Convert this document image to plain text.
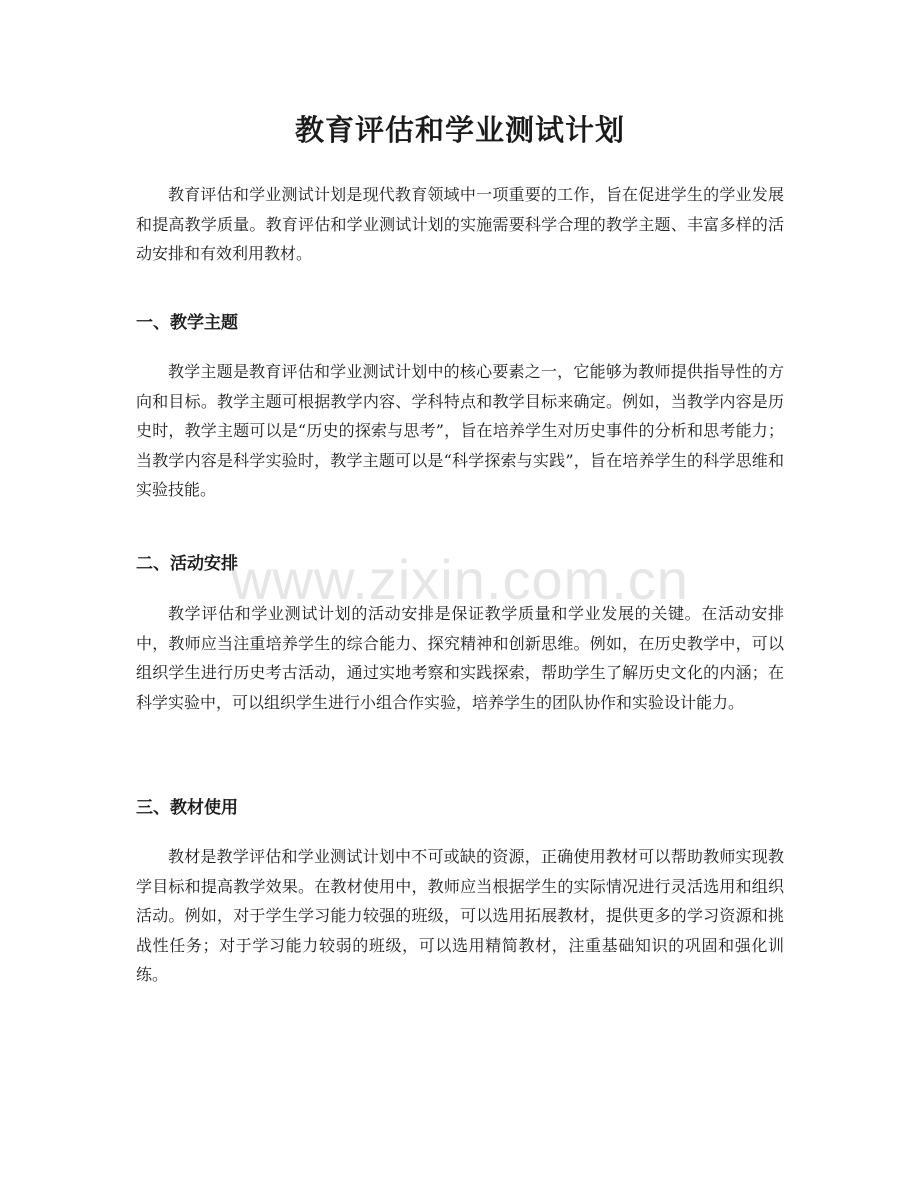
教育评估和学业测试计划

教育评估和学业测试计划是现代教育领域中一项重要的工作，旨在促进学生的学业发展和提高教学质量。教育评估和学业测试计划的实施需要科学合理的教学主题、丰富多样的活动安排和有效利用教材。

一、教学主题

教学主题是教育评估和学业测试计划中的核心要素之一，它能够为教师提供指导性的方向和目标。教学主题可根据教学内容、学科特点和教学目标来确定。例如，当教学内容是历史时，教学主题可以是“历史的探索与思考”，旨在培养学生对历史事件的分析和思考能力；当教学内容是科学实验时，教学主题可以是“科学探索与实践”，旨在培养学生的科学思维和实验技能。

二、活动安排

教学评估和学业测试计划的活动安排是保证教学质量和学业发展的关键。在活动安排中，教师应当注重培养学生的综合能力、探究精神和创新思维。例如，在历史教学中，可以组织学生进行历史考古活动，通过实地考察和实践探索，帮助学生了解历史文化的内涵；在科学实验中，可以组织学生进行小组合作实验，培养学生的团队协作和实验设计能力。

三、教材使用

教材是教学评估和学业测试计划中不可或缺的资源，正确使用教材可以帮助教师实现教学目标和提高教学效果。在教材使用中，教师应当根据学生的实际情况进行灵活选用和组织活动。例如，对于学生学习能力较强的班级，可以选用拓展教材，提供更多的学习资源和挑战性任务；对于学习能力较弱的班级，可以选用精简教材，注重基础知识的巩固和强化训练。

www.zixin.com.cn
